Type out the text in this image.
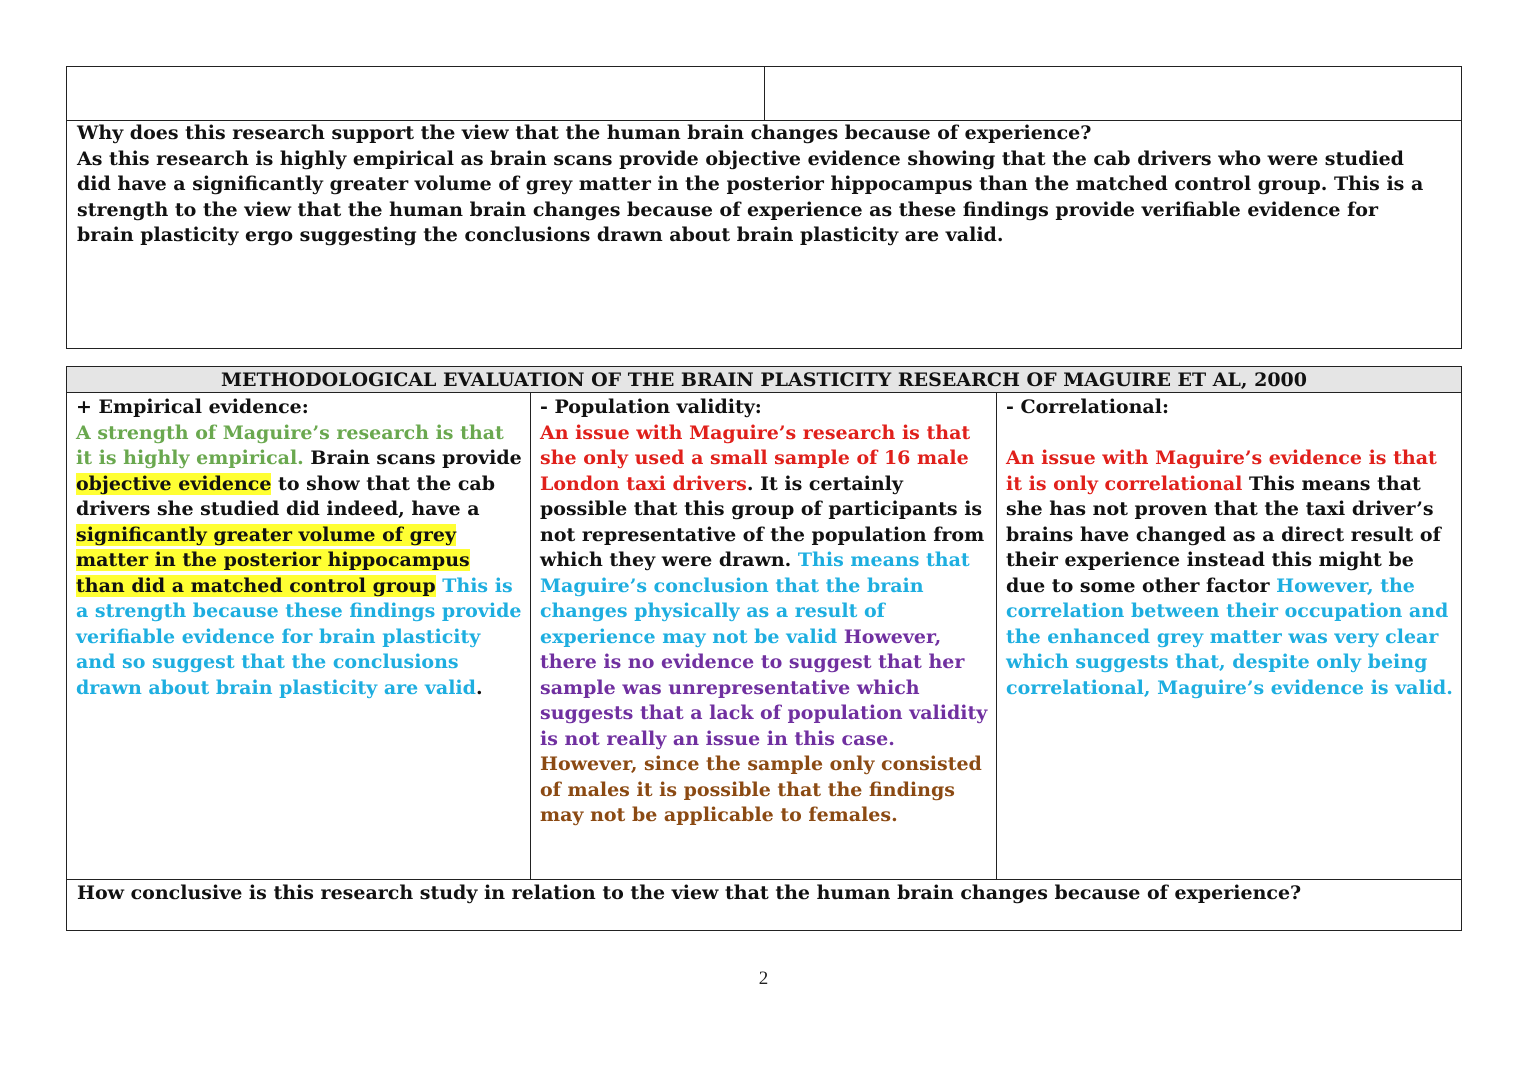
Why does this research support the view that the human brain changes because of experience?

As this research is highly empirical as brain scans provide objective evidence showing that the cab drivers who were studied did have a significantly greater volume of grey matter in the posterior hippocampus than the matched control group. This is a strength to the view that the human brain changes because of experience as these findings provide verifiable evidence for brain plasticity ergo suggesting the conclusions drawn about brain plasticity are valid.

METHODOLOGICAL EVALUATION OF THE BRAIN PLASTICITY RESEARCH OF MAGUIRE ET AL, 2000

+ Empirical evidence:

A strength of Maguire’s research is that it is highly empirical. Brain scans provide objective evidence to show that the cab drivers she studied did indeed, have a significantly greater volume of grey matter in the posterior hippocampus than did a matched control group This is a strength because these findings provide verifiable evidence for brain plasticity and so suggest that the conclusions drawn about brain plasticity are valid.

- Population validity:

An issue with Maguire’s research is that she only used a small sample of 16 male London taxi drivers. It is certainly possible that this group of participants is not representative of the population from which they were drawn. This means that Maguire’s conclusion that the brain changes physically as a result of experience may not be valid However, there is no evidence to suggest that her sample was unrepresentative which suggests that a lack of population validity is not really an issue in this case. However, since the sample only consisted of males it is possible that the findings may not be applicable to females.

- Correlational:

An issue with Maguire’s evidence is that it is only correlational This means that she has not proven that the taxi driver’s brains have changed as a direct result of their experience instead this might be due to some other factor However, the correlation between their occupation and the enhanced grey matter was very clear which suggests that, despite only being correlational, Maguire’s evidence is valid.

How conclusive is this research study in relation to the view that the human brain changes because of experience?
2
